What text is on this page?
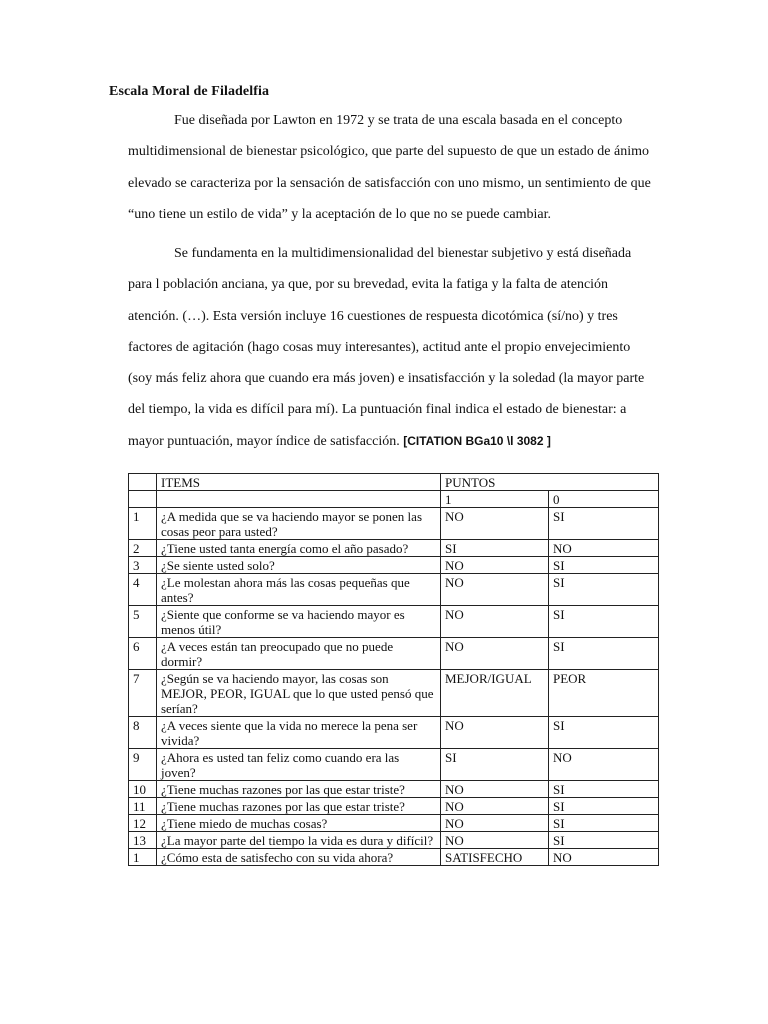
Escala Moral de Filadelfia
Fue diseñada por Lawton en 1972 y se trata de una escala basada en el concepto
multidimensional de bienestar psicológico, que parte del supuesto de que un estado de ánimo
elevado se caracteriza por la sensación de satisfacción con uno mismo, un sentimiento de que
“uno tiene un estilo de vida” y la aceptación de lo que no se puede cambiar.
Se fundamenta en la multidimensionalidad del bienestar subjetivo y está diseñada
para l población anciana, ya que, por su brevedad, evita la fatiga y la falta de atención
atención. (…). Esta versión incluye 16 cuestiones de respuesta dicotómica (sí/no) y tres
factores de agitación (hago cosas muy interesantes), actitud ante el propio envejecimiento
(soy más feliz ahora que cuando era más joven) e insatisfacción y la soledad (la mayor parte
del tiempo, la vida es difícil para mí). La puntuación final indica el estado de bienestar: a
mayor puntuación, mayor índice de satisfacción. [CITATION BGa10 \l 3082 ]
	ITEMS	PUNTOS	
		1	0
1	¿A medida que se va haciendo mayor se ponen las cosas peor para usted?	NO	SI
2	¿Tiene usted tanta energía como el año pasado?	SI	NO
3	¿Se siente usted solo?	NO	SI
4	¿Le molestan ahora más las cosas pequeñas que antes?	NO	SI
5	¿Siente que conforme se va haciendo mayor es menos útil?	NO	SI
6	¿A veces están tan preocupado que no puede dormir?	NO	SI
7	¿Según se va haciendo mayor, las cosas son MEJOR, PEOR, IGUAL que lo que usted pensó que serían?	MEJOR/IGUAL	PEOR
8	¿A veces siente que la vida no merece la pena ser vivida?	NO	SI
9	¿Ahora es usted tan feliz como cuando era las joven?	SI	NO
10	¿Tiene muchas razones por las que estar triste?	NO	SI
11	¿Tiene muchas razones por las que estar triste?	NO	SI
12	¿Tiene miedo de muchas cosas?	NO	SI
13	¿La mayor parte del tiempo la vida es dura y difícil?	NO	SI
1	¿Cómo esta de satisfecho con su vida ahora?	SATISFECHO	NO
